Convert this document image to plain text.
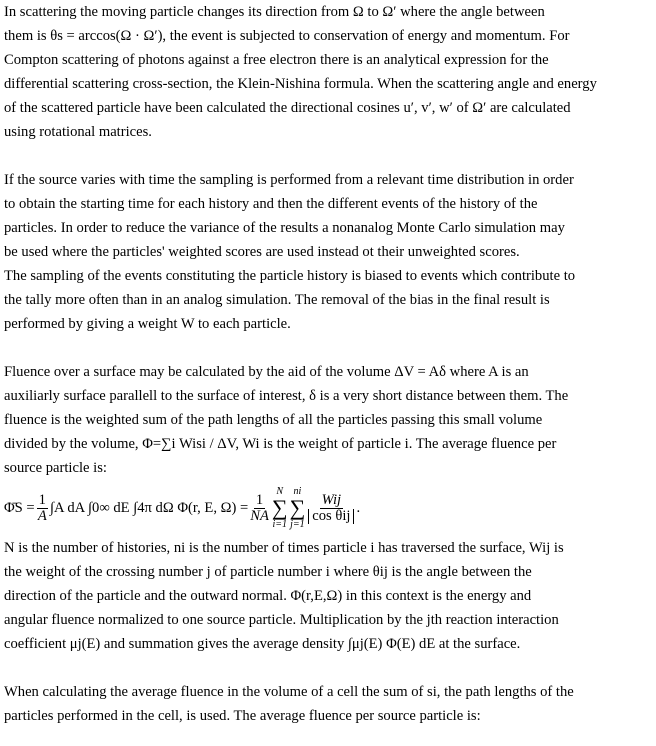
In scattering the moving particle changes its direction from Ω to Ω′ where the angle between

them is θs = arccos(Ω · Ω′), the event is subjected to conservation of energy and momentum. For

Compton scattering of photons against a free electron there is an analytical expression for the

differential scattering cross-section, the Klein-Nishina formula. When the scattering angle and energy

of the scattered particle have been calculated the directional cosines u′, v′, w′ of Ω′ are calculated

using rotational matrices.

If the source varies with time the sampling is performed from a relevant time distribution in order

to obtain the starting time for each history and then the different events of the history of the

particles. In order to reduce the variance of the results a nonanalog Monte Carlo simulation may

be used where the particles' weighted scores are used instead ot their unweighted scores.

The sampling of the events constituting the particle history is biased to events which contribute to

the tally more often than in an analog simulation. The removal of the bias in the final result is

performed by giving a weight W to each particle.

Fluence over a surface may be calculated by the aid of the volume ΔV = Aδ where A is an

auxiliarly surface parallell to the surface of interest, δ is a very short distance between them. The

fluence is the weighted sum of the path lengths of all the particles passing this small volume

divided by the volume, Φ=∑i Wisi / ΔV, Wi is the weight of particle i. The average fluence per

source particle is:

Φ̄S = $\frac{1}{A} \int A$ dA ∫0∞ dE ∫4π dΩ Φ(r, E, $\Omega) = \frac{1}{NA}$
N
∑
i=1
ni
∑
j=1
$\frac{\text{Wij}}{\text{cos θij}}$ .

N is the number of histories, ni is the number of times particle i has traversed the surface, Wij is

the weight of the crossing number j of particle number i where θij is the angle between the

direction of the particle and the outward normal. Φ(r,E,Ω) in this context is the energy and

angular fluence normalized to one source particle. Multiplication by the jth reaction interaction

coefficient μj(E) and summation gives the average density ∫μj(E) Φ(E) dE at the surface.

When calculating the average fluence in the volume of a cell the sum of si, the path lengths of the

particles performed in the cell, is used. The average fluence per source particle is:
